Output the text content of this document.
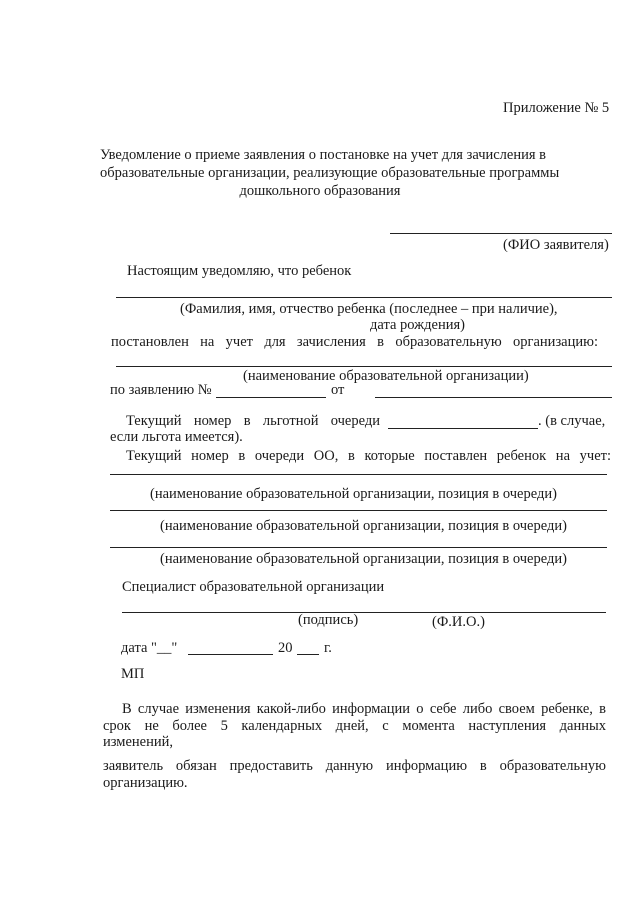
Приложение № 5
Уведомление о приеме заявления о постановке на учет для зачисления в
образовательные организации, реализующие образовательные программы
дошкольного образования
(ФИО заявителя)
Настоящим уведомляю, что ребенок
(Фамилия, имя, отчество ребенка (последнее – при наличие),
дата рождения)
постановлен на учет для зачисления в образовательную организацию:
(наименование образовательной организации)
по заявлению №	от
Текущий номер в льготной очереди	. (в случае,
если льгота имеется).
Текущий номер в очереди ОО, в которые поставлен ребенок на учет:
(наименование образовательной организации, позиция в очереди)
(наименование образовательной организации, позиция в очереди)
(наименование образовательной организации, позиция в очереди)
Специалист образовательной организации
(подпись)	(Ф.И.О.)
дата "__"	20 г.
МП
В случае изменения какой-либо информации о себе либо своем ребенке, в
срок не более 5 календарных дней, с момента наступления данных
изменений,
заявитель обязан предоставить данную информацию в образовательную
организацию.
